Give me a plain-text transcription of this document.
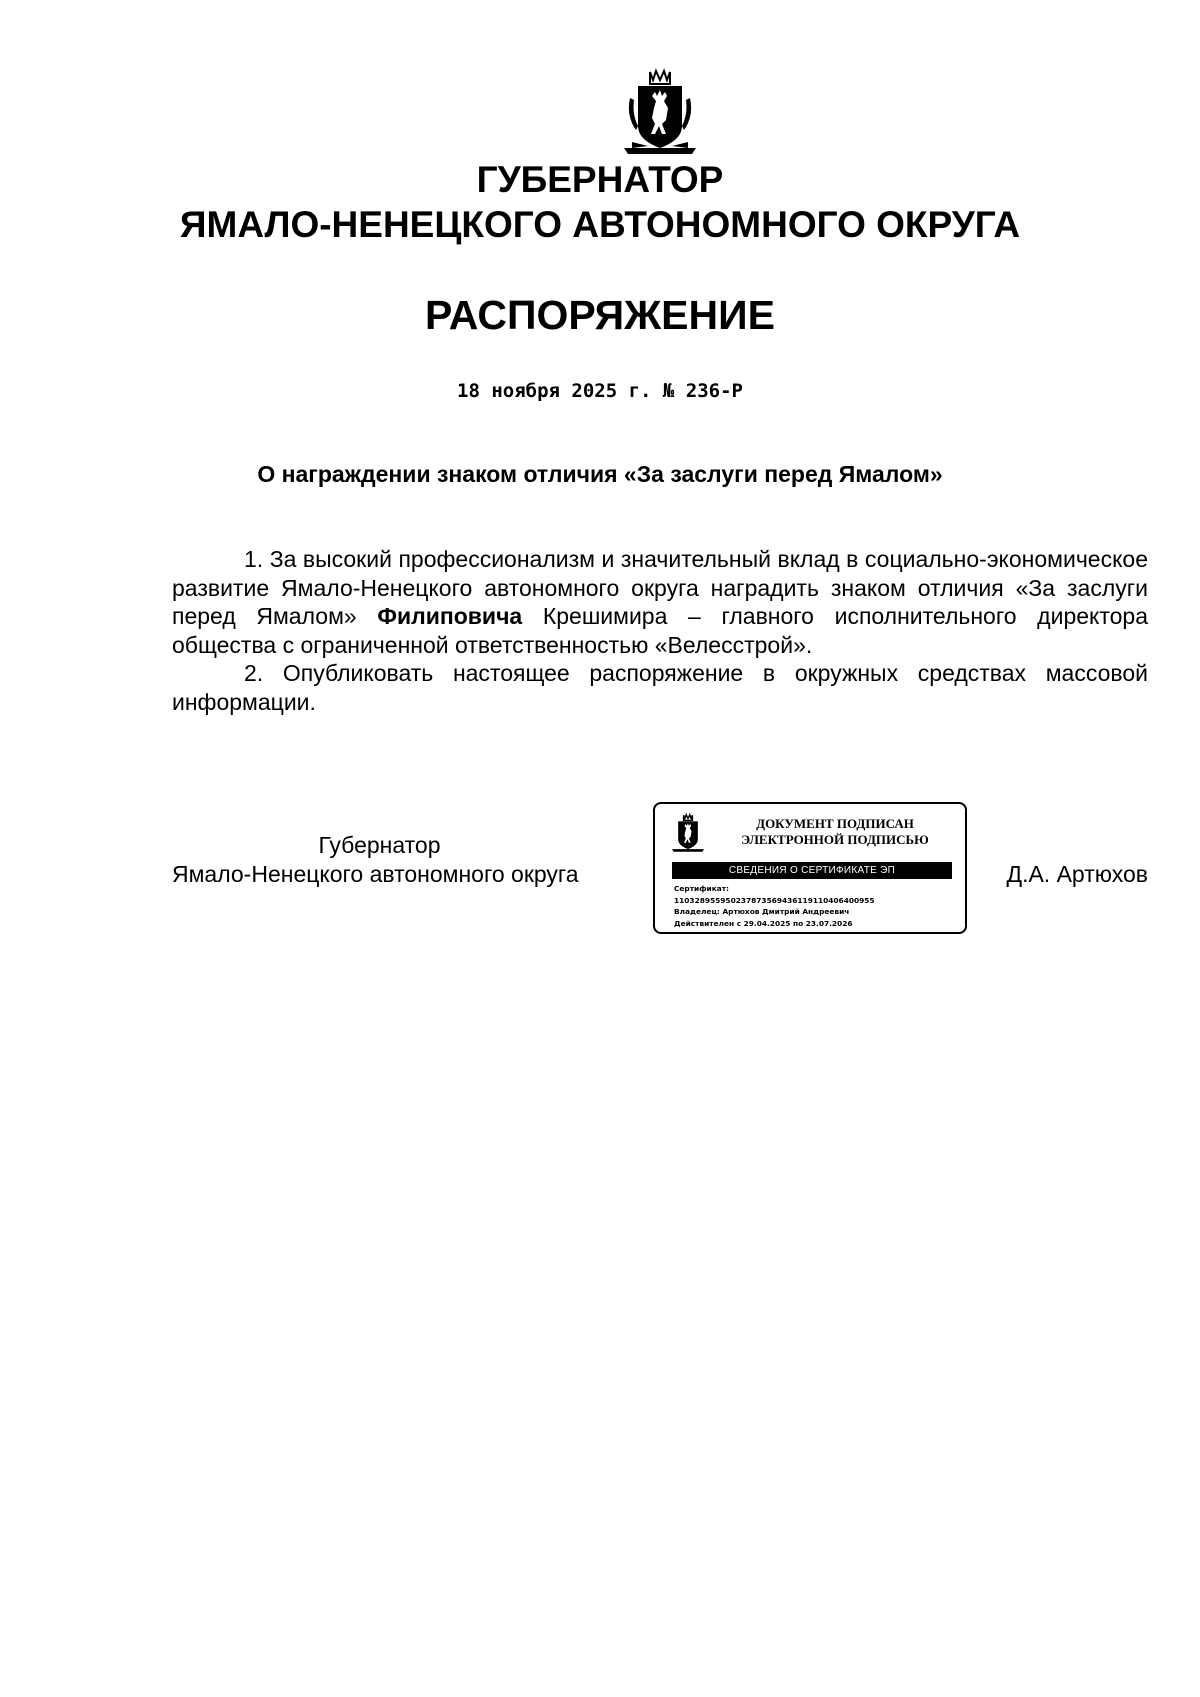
ГУБЕРНАТОР
ЯМАЛО-НЕНЕЦКОГО АВТОНОМНОГО ОКРУГА
РАСПОРЯЖЕНИЕ
18 ноября 2025 г. № 236-Р
О награждении знаком отличия «За заслуги перед Ямалом»

1. За высокий профессионализм и значительный вклад в социально-экономическое развитие Ямало-Ненецкого автономного округа наградить знаком отличия «За заслуги перед Ямалом» Филиповича Крешимира – главного исполнительного директора общества с ограниченной ответственностью «Велесстрой».

2. Опубликовать настоящее распоряжение в окружных средствах массовой информации.

Губернатор
Ямало-Ненецкого автономного округа
ДОКУМЕНТ ПОДПИСАН
ЭЛЕКТРОННОЙ ПОДПИСЬЮ
СВЕДЕНИЯ О СЕРТИФИКАТЕ ЭП
Сертификат:
110328955950237873569436119110406400955
Владелец: Артюхов Дмитрий Андреевич
Действителен с 29.04.2025 по 23.07.2026
Д.А. Артюхов
